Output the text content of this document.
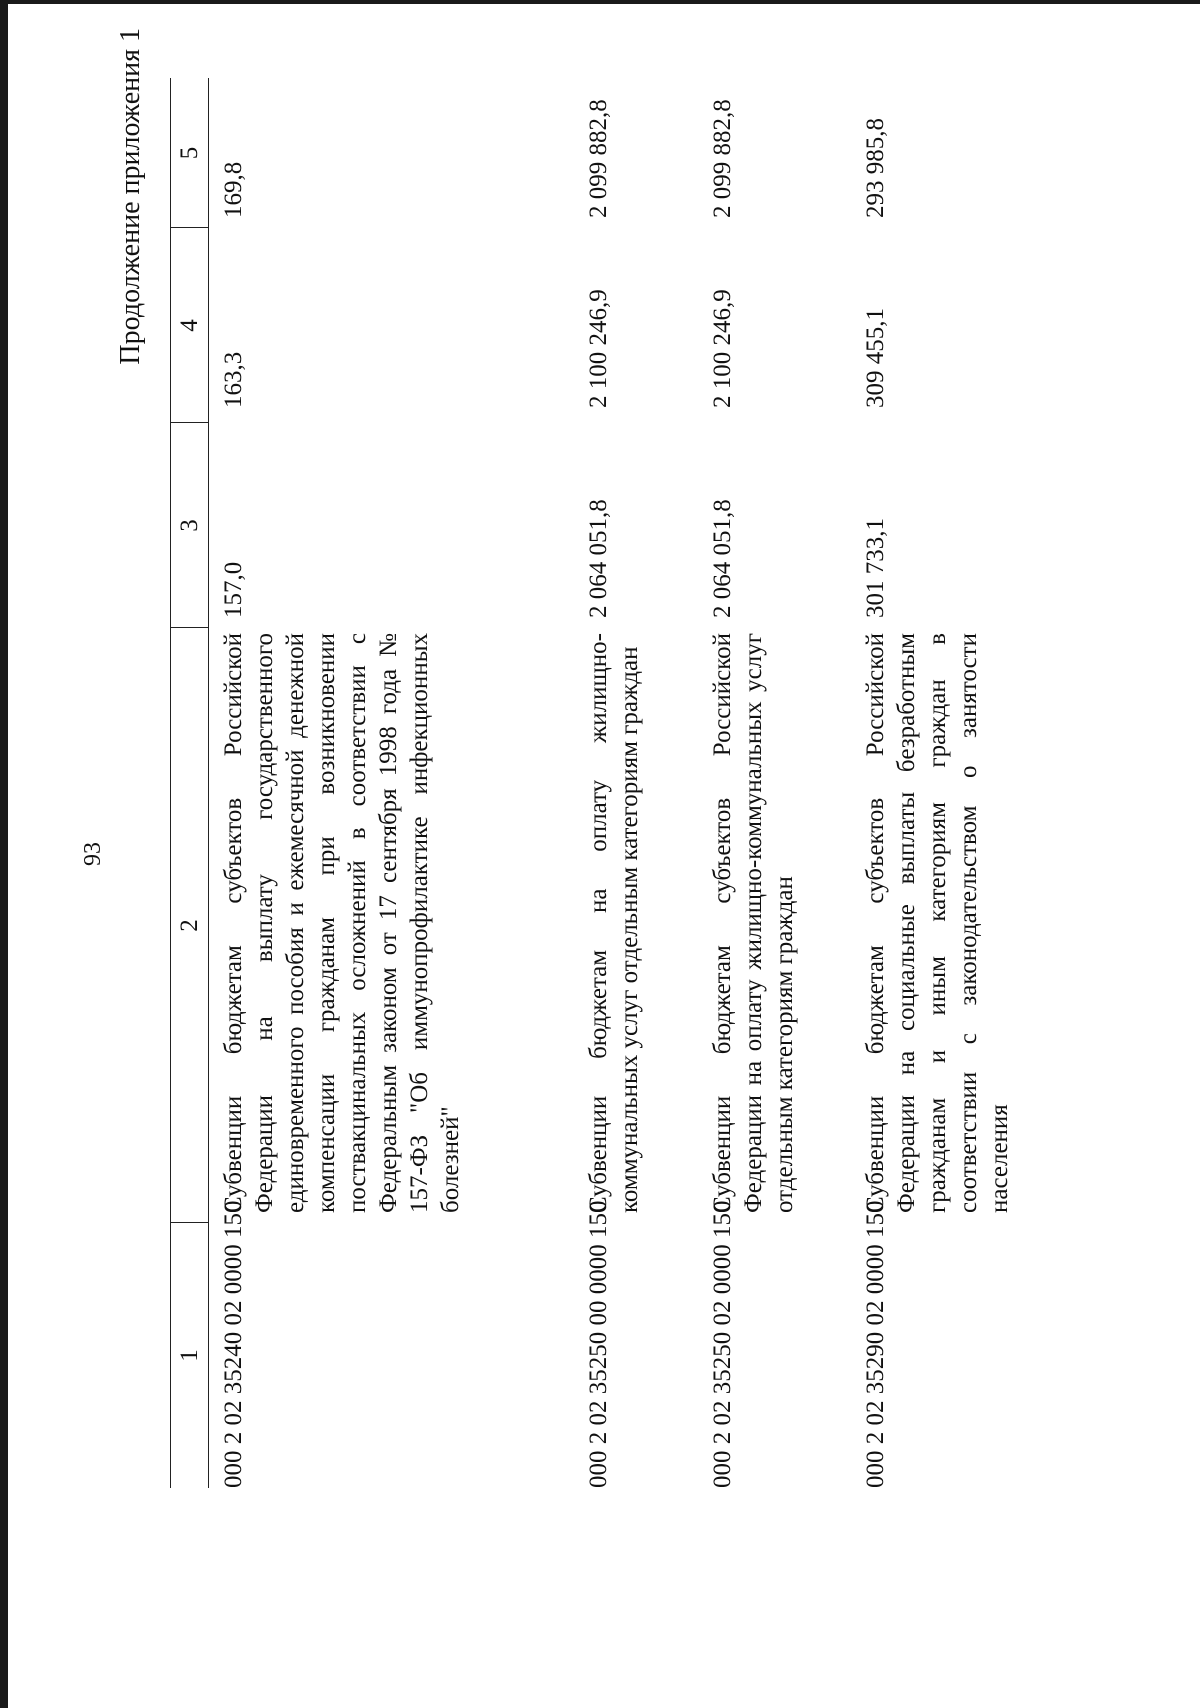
93
Продолжение приложения 1
1
2
3
4
5
000 2 02 35240 02 0000 150
Субвенции бюджетам субъектов Российской Федерации на выплату государственного единовременного пособия и ежемесячной денежной компенсации гражданам при возникновении поствакцинальных осложнений в соответствии с Федеральным законом от 17 сентября 1998 года № 157-ФЗ "Об иммунопрофилактике инфекционных болезней"
157,0
163,3
169,8
000 2 02 35250 00 0000 150
Субвенции бюджетам на оплату жилищно-коммунальных услуг отдельным категориям граждан
2 064 051,8
2 100 246,9
2 099 882,8
000 2 02 35250 02 0000 150
Субвенции бюджетам субъектов Российской Федерации на оплату жилищно-коммунальных услуг отдельным категориям граждан
2 064 051,8
2 100 246,9
2 099 882,8
000 2 02 35290 02 0000 150
Субвенции бюджетам субъектов Российской Федерации на социальные выплаты безработным гражданам и иным категориям граждан в соответствии с законодательством о занятости населения
301 733,1
309 455,1
293 985,8
